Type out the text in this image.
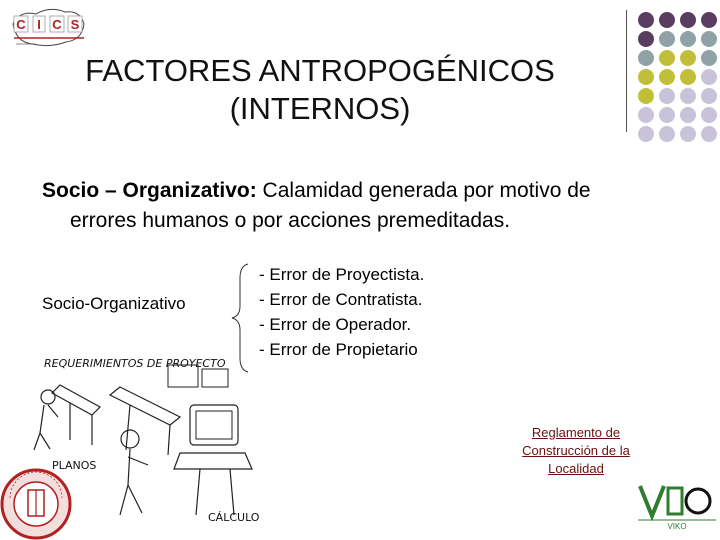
C I C S
FACTORES ANTROPOGÉNICOS
(INTERNOS)
Socio – Organizativo: Calamidad generada por motivo de
errores humanos o por acciones premeditadas.
Socio-Organizativo
- Error de Proyectista.
- Error de Contratista.
- Error de Operador.
- Error de Propietario
REQUERIMIENTOS DE PROYECTO
PLANOS
CÁLCULO
Reglamento de Construcción de la Localidad
VIKO
